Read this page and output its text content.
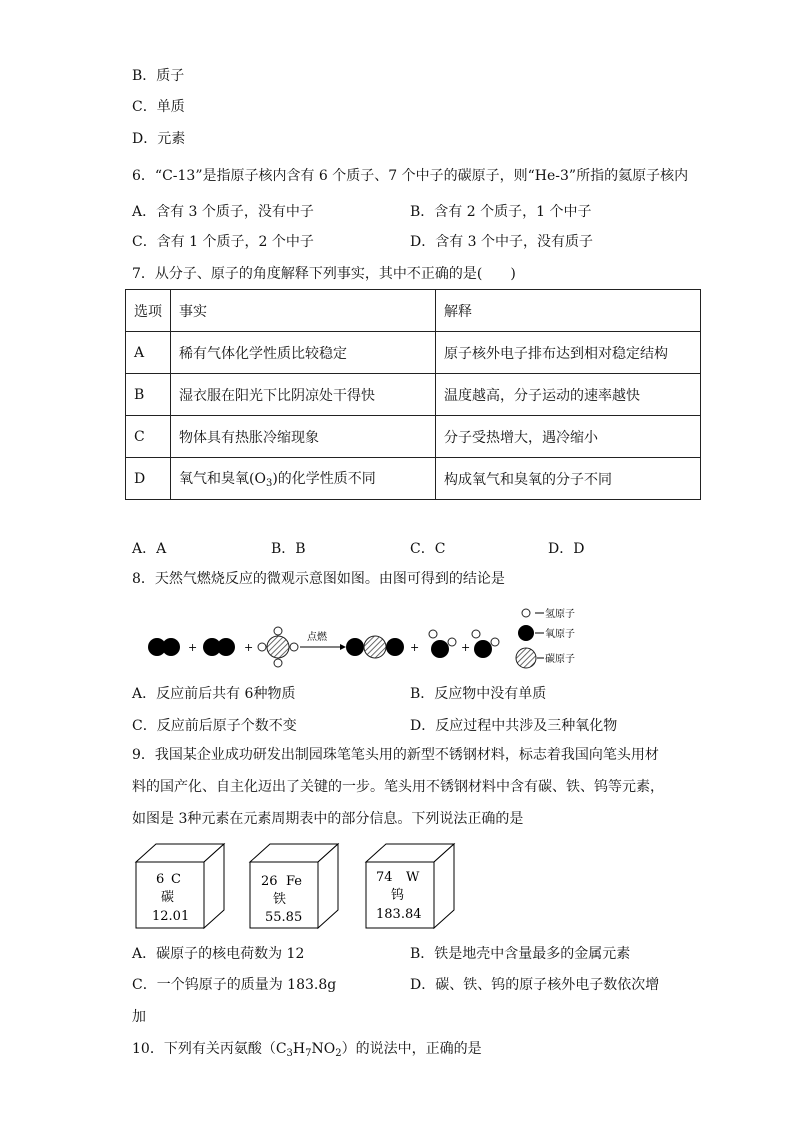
B．质子
C．单质
D．元素
6．“C-13”是指原子核内含有 6 个质子、7 个中子的碳原子，则“He-3”所指的氦原子核内
A．含有 3 个质子，没有中子	B．含有 2 个质子，1 个中子
C．含有 1 个质子，2 个中子	D．含有 3 个中子，没有质子
7．从分子、原子的角度解释下列事实，其中不正确的是(　　)
选项	事实	解释
A	稀有气体化学性质比较稳定	原子核外电子排布达到相对稳定结构
B	湿衣服在阳光下比阴凉处干得快	温度越高，分子运动的速率越快
C	物体具有热胀冷缩现象	分子受热增大，遇冷缩小
D	氧气和臭氧$(O_3)$的化学性质不同	构成氧气和臭氧的分子不同
A．A	B．B	C．C	D．D
8．天然气燃烧反应的微观示意图如图。由图可得到的结论是
+	+
点燃
+	+
氢原子
氧原子
碳原子
A．反应前后共有 6种物质	B．反应物中没有单质
C．反应前后原子个数不变	D．反应过程中共涉及三种氧化物
9．我国某企业成功研发出制园珠笔笔头用的新型不锈钢材料，标志着我国向笔头用材
料的国产化、自主化迈出了关键的一步。笔头用不锈钢材料中含有碳、铁、钨等元素，
如图是 3种元素在元素周期表中的部分信息。下列说法正确的是
6 C
碳
12.01
26 Fe
铁
55.85
74 W
钨
183.84
A．碳原子的核电荷数为 12	B．铁是地壳中含量最多的金属元素
C．一个钨原子的质量为 183.8g	D．碳、铁、钨的原子核外电子数依次增
加
10．下列有关丙氨酸$(C_3H_7NO_2)$的说法中，正确的是
